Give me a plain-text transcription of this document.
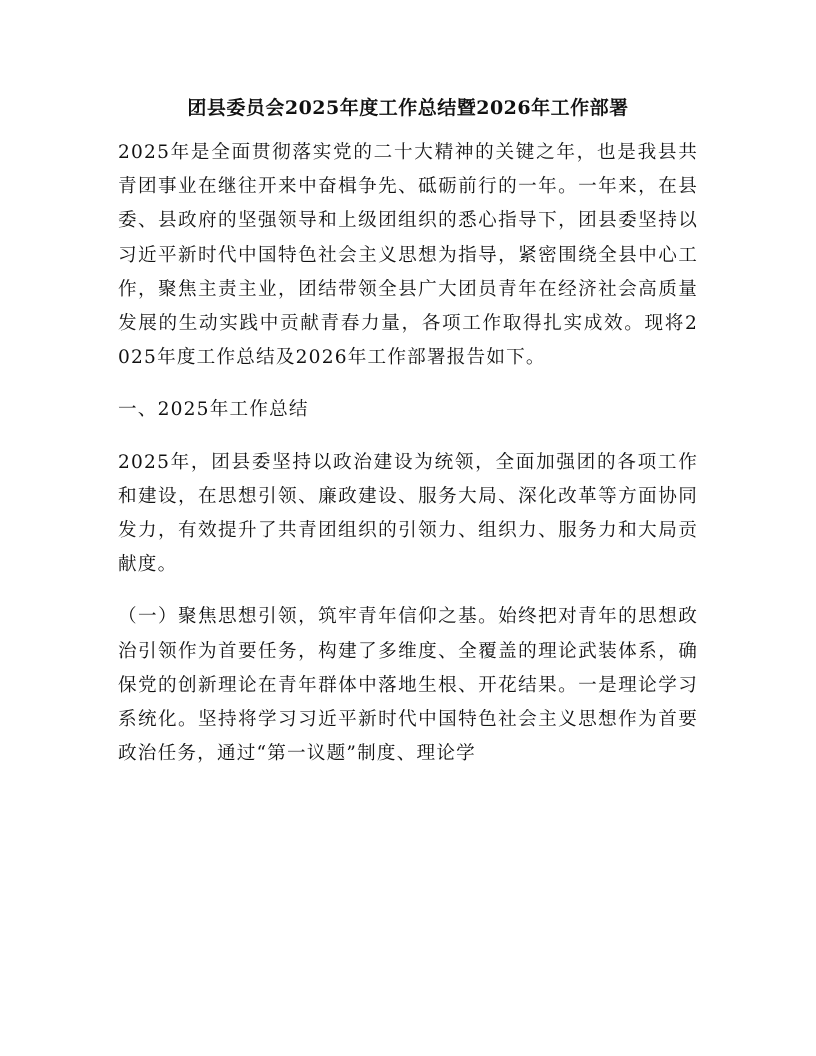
团县委员会2025年度工作总结暨2026年工作部署

2025年是全面贯彻落实党的二十大精神的关键之年，也是我县共青团事业在继往开来中奋楫争先、砥砺前行的一年。一年来，在县委、县政府的坚强领导和上级团组织的悉心指导下，团县委坚持以习近平新时代中国特色社会主义思想为指导，紧密围绕全县中心工作，聚焦主责主业，团结带领全县广大团员青年在经济社会高质量发展的生动实践中贡献青春力量，各项工作取得扎实成效。现将2025年度工作总结及2026年工作部署报告如下。

一、2025年工作总结

2025年，团县委坚持以政治建设为统领，全面加强团的各项工作和建设，在思想引领、廉政建设、服务大局、深化改革等方面协同发力，有效提升了共青团组织的引领力、组织力、服务力和大局贡献度。

（一）聚焦思想引领，筑牢青年信仰之基。始终把对青年的思想政治引领作为首要任务，构建了多维度、全覆盖的理论武装体系，确保党的创新理论在青年群体中落地生根、开花结果。一是理论学习系统化。坚持将学习习近平新时代中国特色社会主义思想作为首要政治任务，通过“第一议题”制度、理论学
